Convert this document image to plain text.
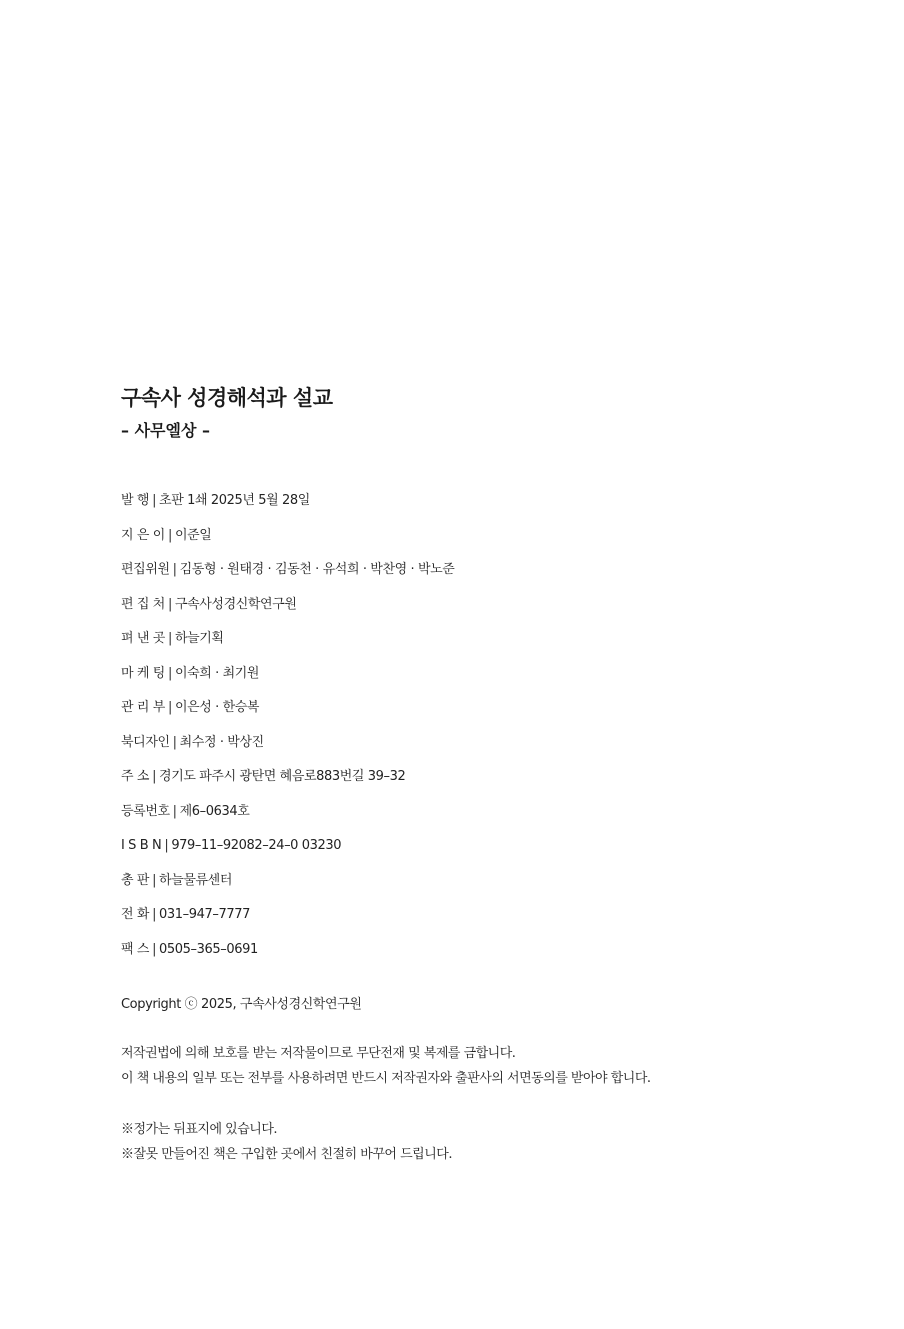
구속사 성경해석과 설교

– 사무엘상 –

발 행 | 초판 1쇄 2025년 5월 28일
지 은 이 | 이준일
편집위원 | 김동형 · 원태경 · 김동천 · 유석희 · 박찬영 · 박노준
편 집 처 | 구속사성경신학연구원
펴 낸 곳 | 하늘기획
마 케 팅 | 이숙희 · 최기원
관 리 부 | 이은성 · 한승복
북디자인 | 최수정 · 박상진
주 소 | 경기도 파주시 광탄면 혜음로883번길 39–32
등록번호 | 제6–0634호
I S B N | 979–11–92082–24–0 03230
총 판 | 하늘물류센터
전 화 | 031–947–7777
팩 스 | 0505–365–0691
Copyright ⓒ 2025, 구속사성경신학연구원

저작권법에 의해 보호를 받는 저작물이므로 무단전재 및 복제를 금합니다.

이 책 내용의 일부 또는 전부를 사용하려면 반드시 저작권자와 출판사의 서면동의를 받아야 합니다.

※정가는 뒤표지에 있습니다.

※잘못 만들어진 책은 구입한 곳에서 친절히 바꾸어 드립니다.
